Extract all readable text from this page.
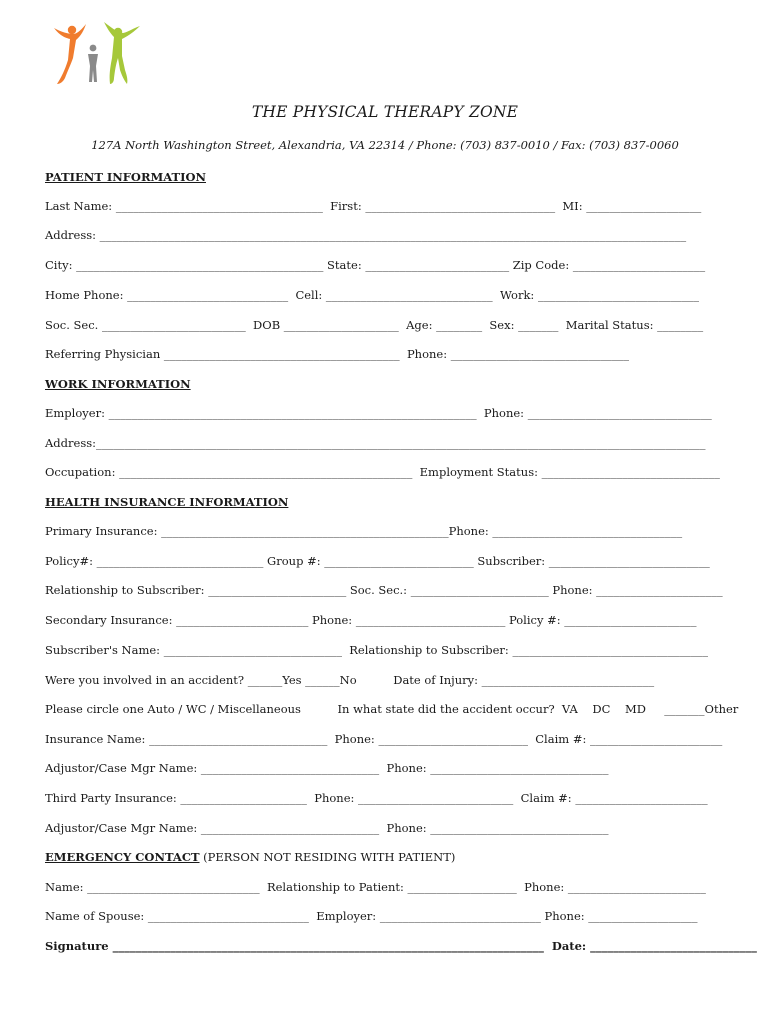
THE PHYSICAL THERAPY ZONE
127A North Washington Street, Alexandria, VA 22314 / Phone: (703) 837-0010 / Fax: (703) 837-0060
PATIENT INFORMATION
Last Name: ____________________________________  First: _________________________________  MI: ____________________
Address: ______________________________________________________________________________________________________
City: ___________________________________________ State: _________________________ Zip Code: _______________________
Home Phone: ____________________________  Cell: _____________________________  Work: ____________________________
Soc. Sec. _________________________  DOB ____________________  Age: ________  Sex: _______  Marital Status: ________
Referring Physician _________________________________________  Phone: _______________________________
WORK INFORMATION
Employer: ________________________________________________________________  Phone: ________________________________
Address:__________________________________________________________________________________________________________
Occupation: ___________________________________________________  Employment Status: _______________________________
HEALTH INSURANCE INFORMATION
Primary Insurance: __________________________________________________Phone: _________________________________
Policy#: _____________________________ Group #: __________________________ Subscriber: ____________________________
Relationship to Subscriber: ________________________ Soc. Sec.: ________________________ Phone: ______________________
Secondary Insurance: _______________________ Phone: __________________________ Policy #: _______________________
Subscriber's Name: _______________________________  Relationship to Subscriber: __________________________________
Were you involved in an accident? ______Yes ______No          Date of Injury: ______________________________
Please circle one Auto / WC / Miscellaneous          In what state did the accident occur?  VA    DC    MD     _______Other
Insurance Name: _______________________________  Phone: __________________________  Claim #: _______________________
Adjustor/Case Mgr Name: _______________________________  Phone: _______________________________
Third Party Insurance: ______________________  Phone: ___________________________  Claim #: _______________________
Adjustor/Case Mgr Name: _______________________________  Phone: _______________________________
EMERGENCY CONTACT (PERSON NOT RESIDING WITH PATIENT)
Name: ______________________________  Relationship to Patient: ___________________  Phone: ________________________
Name of Spouse: ____________________________  Employer: ____________________________ Phone: ___________________
Signature ___________________________________________________________________________  Date: _____________________________
